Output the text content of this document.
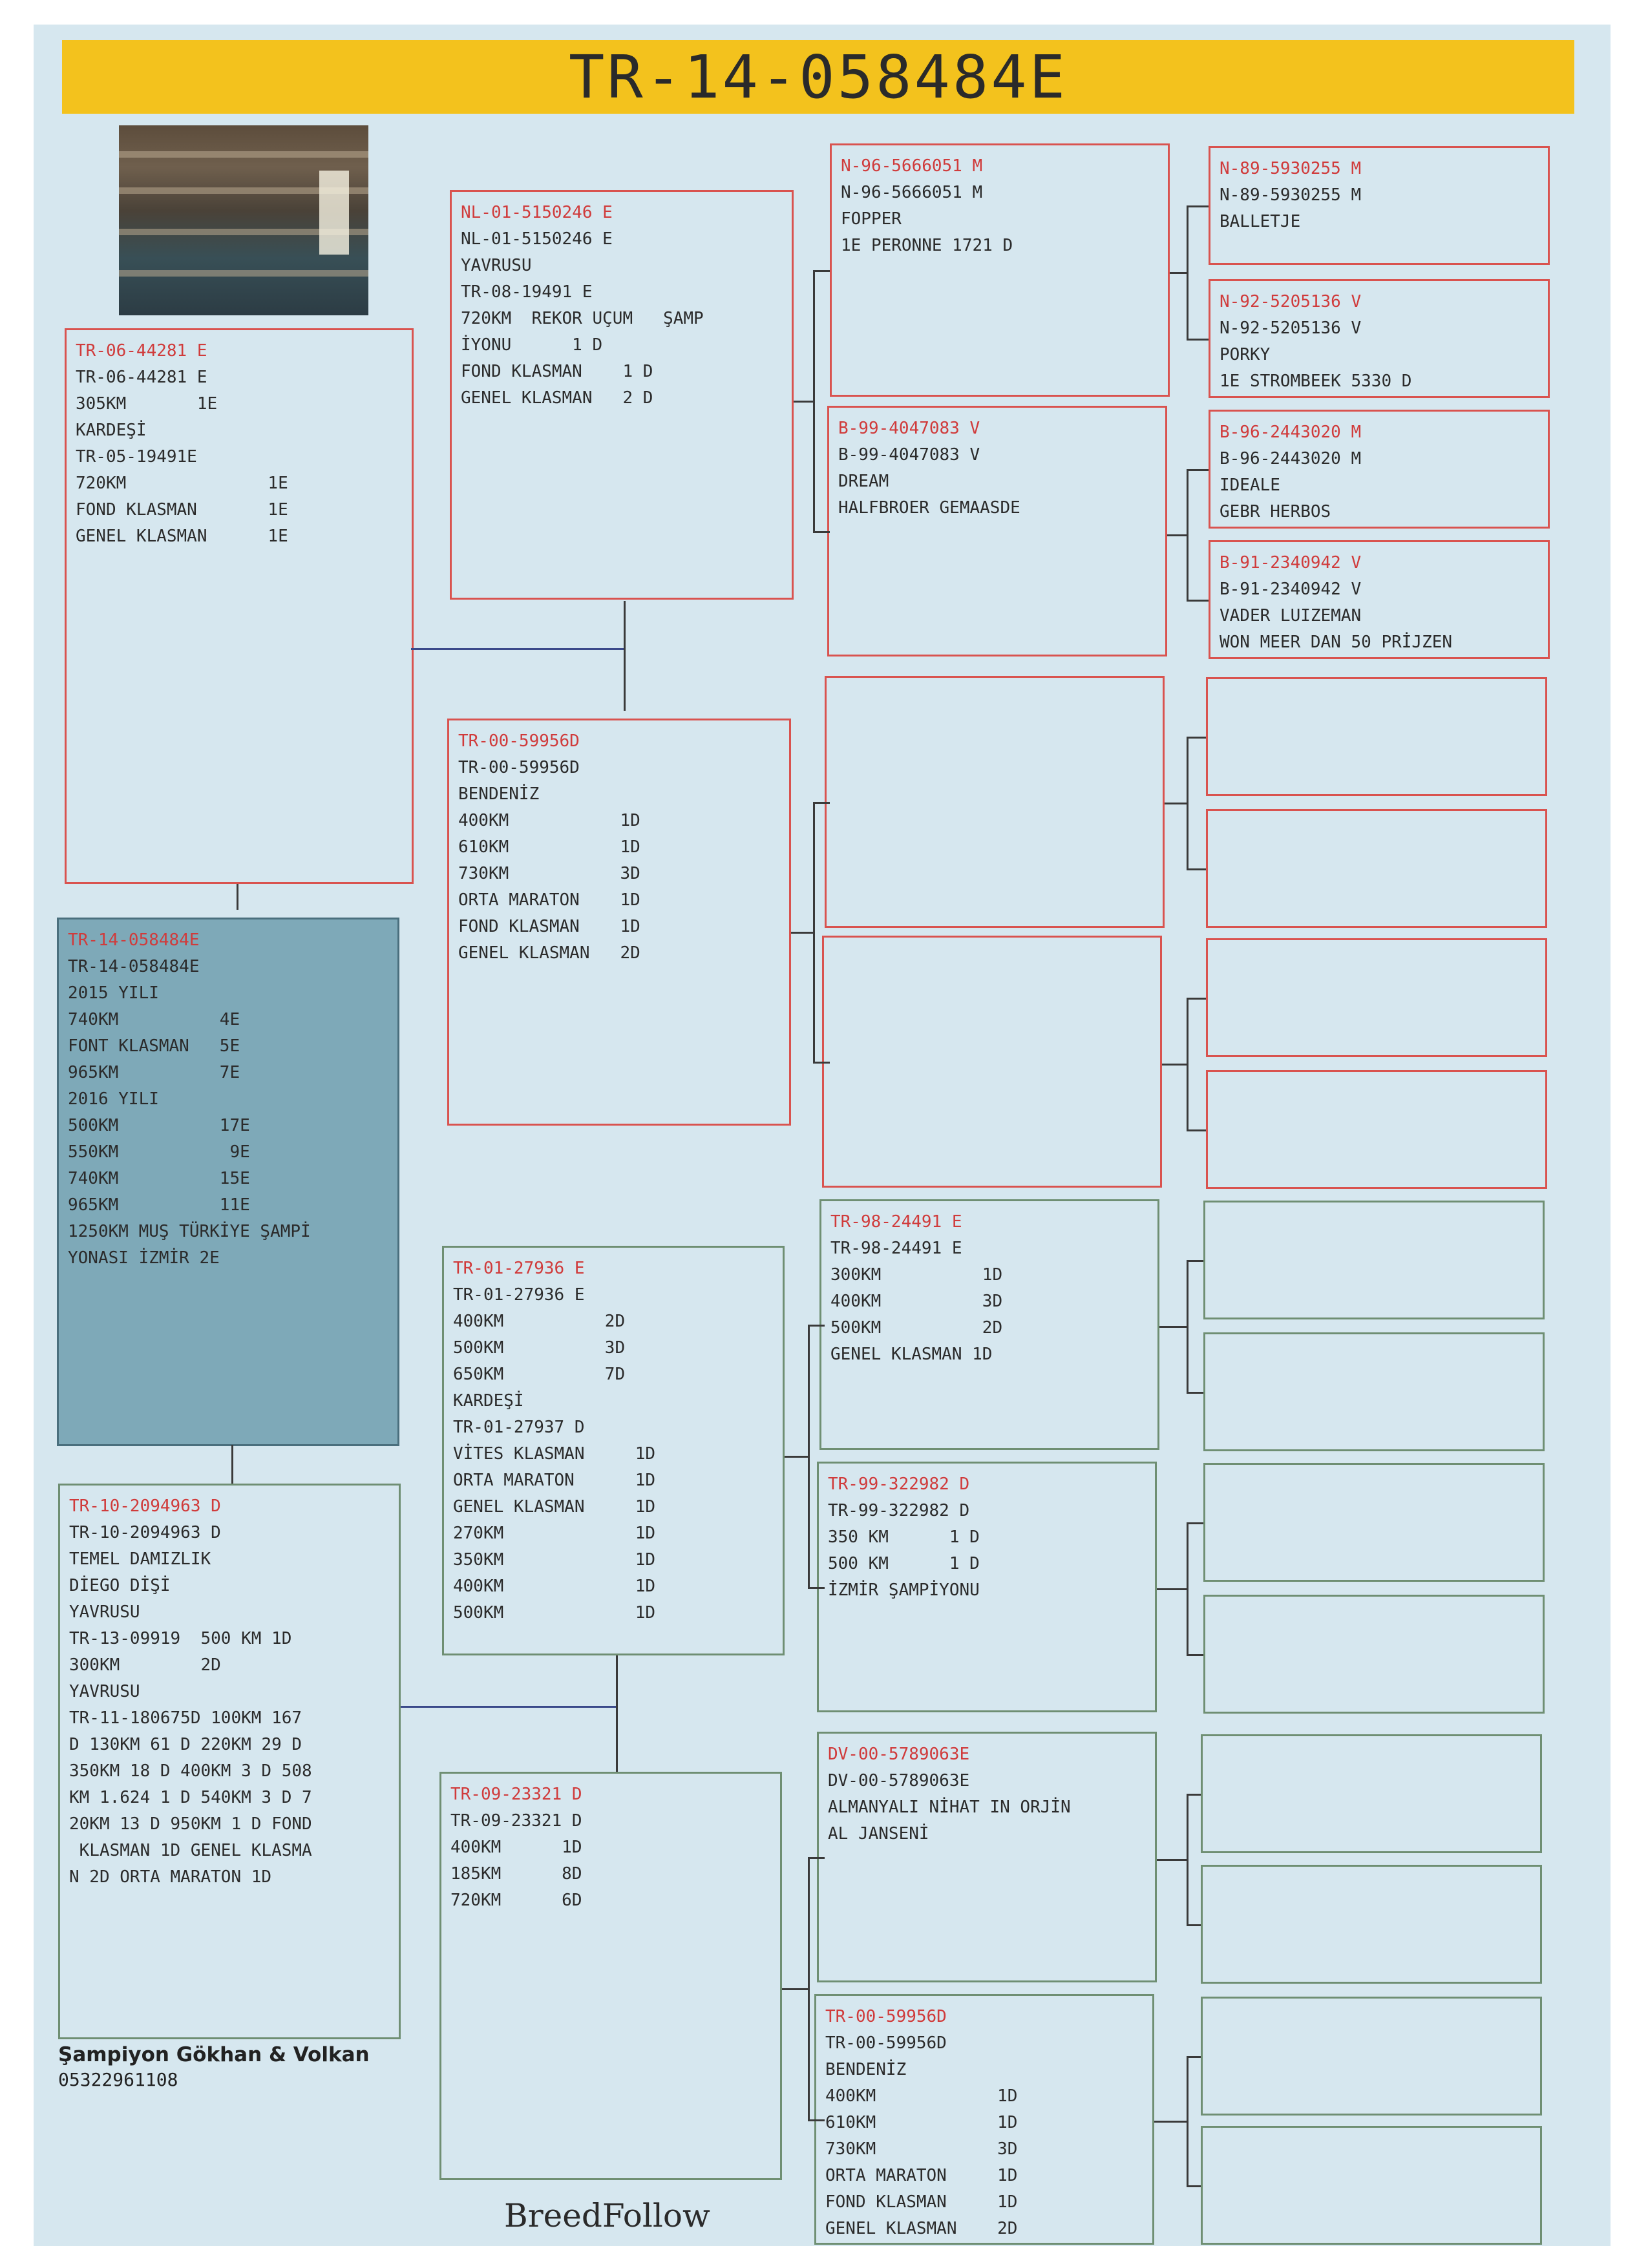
TR-14-058484E
TR-06-44281 E
TR-06-44281 E
305KM       1E
KARDEŞİ
TR-05-19491E
720KM              1E
FOND KLASMAN       1E
GENEL KLASMAN      1E
TR-14-058484E
TR-14-058484E
2015 YILI
740KM          4E
FONT KLASMAN   5E
965KM          7E
2016 YILI
500KM          17E
550KM           9E
740KM          15E
965KM          11E
1250KM MUŞ TÜRKİYE ŞAMPİ
YONASI İZMİR 2E
TR-10-2094963 D
TR-10-2094963 D
TEMEL DAMIZLIK
DİEGO DİŞİ
YAVRUSU
TR-13-09919  500 KM 1D
300KM        2D
YAVRUSU
TR-11-180675D 100KM 167
D 130KM 61 D 220KM 29 D
350KM 18 D 400KM 3 D 508
KM 1.624 1 D 540KM 3 D 7
20KM 13 D 950KM 1 D FOND
KLASMAN 1D GENEL KLASMA
N 2D ORTA MARATON 1D
NL-01-5150246 E
NL-01-5150246 E
YAVRUSU
TR-08-19491 E
720KM  REKOR UÇUM   ŞAMP
İYONU      1 D
FOND KLASMAN    1 D
GENEL KLASMAN   2 D
TR-00-59956D
TR-00-59956D
BENDENİZ
400KM           1D
610KM           1D
730KM           3D
ORTA MARATON    1D
FOND KLASMAN    1D
GENEL KLASMAN   2D
TR-01-27936 E
TR-01-27936 E
400KM          2D
500KM          3D
650KM          7D
KARDEŞİ
TR-01-27937 D
VİTES KLASMAN     1D
ORTA MARATON      1D
GENEL KLASMAN     1D
270KM             1D
350KM             1D
400KM             1D
500KM             1D
TR-09-23321 D
TR-09-23321 D
400KM      1D
185KM      8D
720KM      6D
N-96-5666051 M
N-96-5666051 M
FOPPER
1E PERONNE 1721 D
B-99-4047083 V
B-99-4047083 V
DREAM
HALFBROER GEMAASDE
TR-98-24491 E
TR-98-24491 E
300KM          1D
400KM          3D
500KM          2D
GENEL KLASMAN 1D
TR-99-322982 D
TR-99-322982 D
350 KM      1 D
500 KM      1 D
İZMİR ŞAMPİYONU
DV-00-5789063E
DV-00-5789063E
ALMANYALI NİHAT IN ORJİN
AL JANSENİ
TR-00-59956D
TR-00-59956D
BENDENİZ
400KM            1D
610KM            1D
730KM            3D
ORTA MARATON     1D
FOND KLASMAN     1D
GENEL KLASMAN    2D
N-89-5930255 M
N-89-5930255 M
BALLETJE
N-92-5205136 V
N-92-5205136 V
PORKY
1E STROMBEEK 5330 D
B-96-2443020 M
B-96-2443020 M
IDEALE
GEBR HERBOS
B-91-2340942 V
B-91-2340942 V
VADER LUIZEMAN
WON MEER DAN 50 PRİJZEN
Şampiyon Gökhan & Volkan
05322961108
BreedFollow
